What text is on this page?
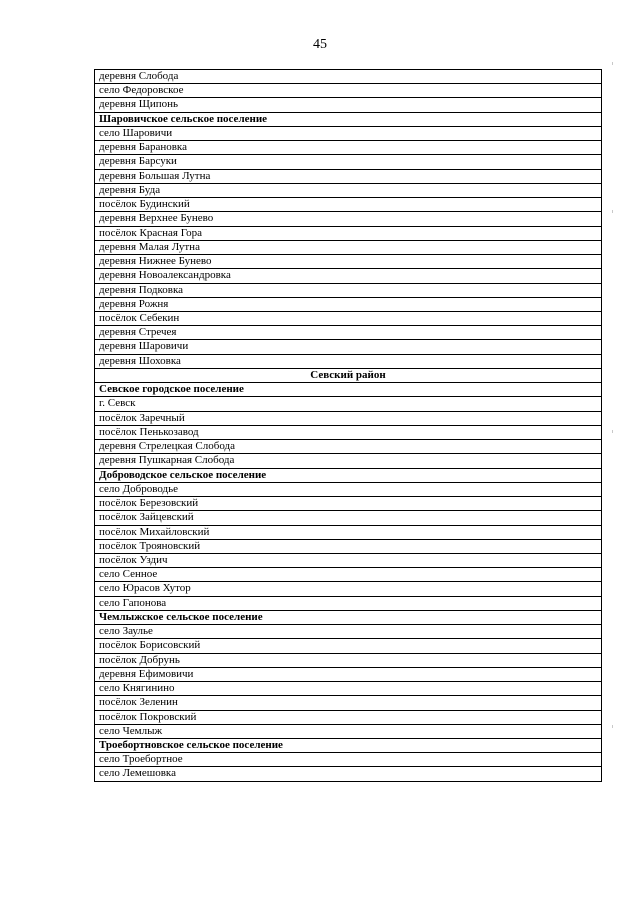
45
деревня Слобода
село Федоровское
деревня Щипонь
Шаровичское сельское поселение
село Шаровичи
деревня Барановка
деревня Барсуки
деревня Большая Лутна
деревня Буда
посёлок Будинский
деревня Верхнее Бунево
посёлок Красная Гора
деревня Малая Лутна
деревня Нижнее Бунево
деревня Новоалександровка
деревня Подковка
деревня Рожня
посёлок Себекин
деревня Стречея
деревня Шаровичи
деревня Шоховка
Севский район
Севское городское поселение
г. Севск
посёлок Заречный
посёлок Пенькозавод
деревня Стрелецкая Слобода
деревня Пушкарная Слобода
Доброводское сельское поселение
село Доброводье
посёлок Березовский
посёлок Зайцевский
посёлок Михайловский
посёлок Трояновский
посёлок Уздич
село Сенное
село Юрасов Хутор
село Гапонова
Чемлыжское сельское поселение
село Заулье
посёлок Борисовский
посёлок Добрунь
деревня Ефимовичи
село Княгинино
посёлок Зеленин
посёлок Покровский
село Чемлыж
Троебортновское сельское поселение
село Троебортное
село Лемешовка
